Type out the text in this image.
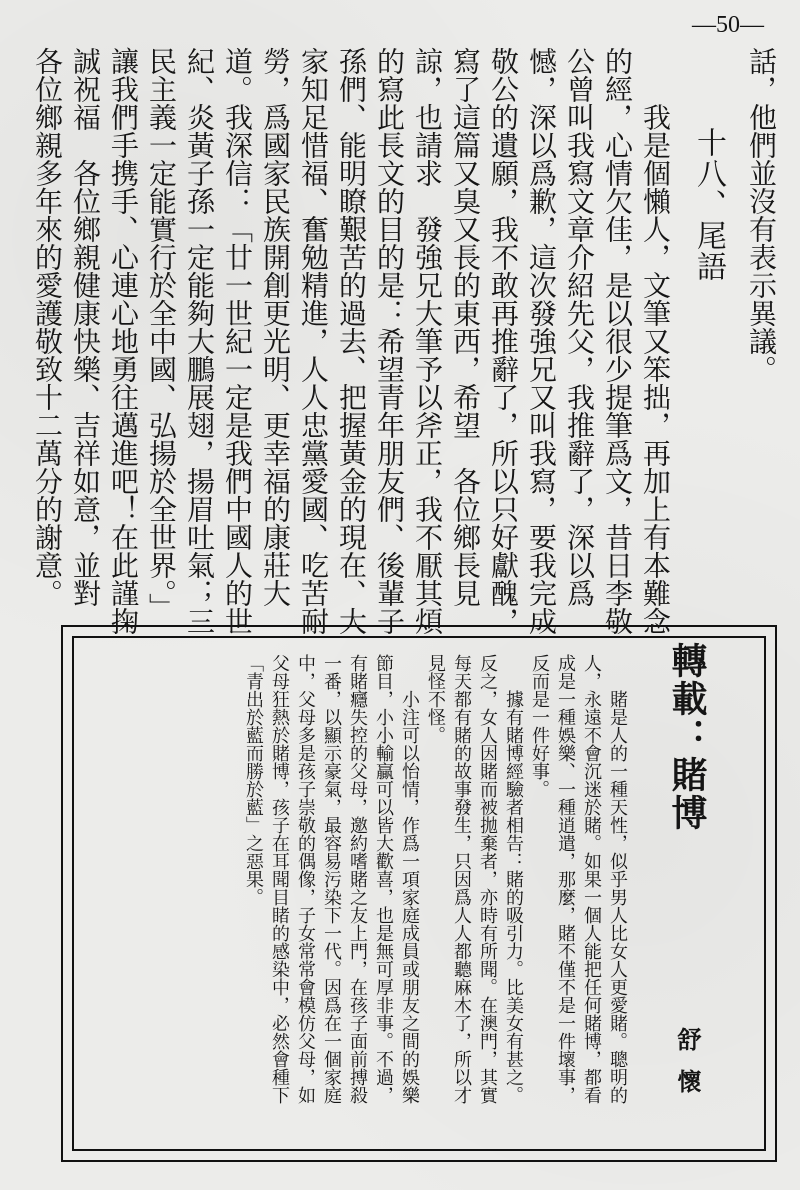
—50—

話，他們並沒有表示異議。

十八、尾語

我是個懶人，文筆又笨拙，再加上有本難念的經，心情欠佳，是以很少提筆爲文，昔日李敬公曾叫我寫文章介紹先父，我推辭了，深以爲憾，深以爲歉，這次發強兄又叫我寫，要我完成　敬公的遺願，我不敢再推辭了，所以只好獻醜，寫了這篇又臭又長的東西，希望　各位鄉長見諒，也請求　發強兄大筆予以斧正，我不厭其煩的寫此長文的目的是：希望青年朋友們、後輩子孫們、能明瞭艱苦的過去、把握黃金的現在、大家知足惜福、奮勉精進，人人忠黨愛國、吃苦耐勞，爲國家民族開創更光明、更幸福的康莊大道。我深信：「廿一世紀一定是我們中國人的世紀、炎黃子孫一定能夠大鵬展翅，揚眉吐氣；三民主義一定能實行於全中國、弘揚於全世界。」讓我們手携手、心連心地勇往邁進吧！在此謹掬誠祝福　各位鄉親健康快樂、吉祥如意，並對　各位鄉親多年來的愛護敬致十二萬分的謝意。

轉載：賭博
舒懷

賭是人的一種天性，似乎男人比女人更愛賭。聰明的人，永遠不會沉迷於賭。如果一個人能把任何賭博，都看成是一種娛樂、一種逍遣，那麼，賭不僅不是一件壞事，反而是一件好事。

據有賭博經驗者相告：賭的吸引力。比美女有甚之。反之，女人因賭而被拋棄者，亦時有所聞。在澳門，其實每天都有賭的故事發生，只因爲人人都聽麻木了，所以才見怪不怪。

小注可以怡情，作爲一項家庭成員或朋友之間的娛樂節目，小小輸贏可以皆大歡喜，也是無可厚非事。不過，有賭癮失控的父母，邀約嗜賭之友上門，在孩子面前搏殺一番，以顯示豪氣，最容易污染下一代。因爲在一個家庭中，父母多是孩子崇敬的偶像，子女常常會模仿父母，如父母狂熱於賭博，孩子在耳聞目睹的感染中，必然會種下「青出於藍而勝於藍」之惡果。
